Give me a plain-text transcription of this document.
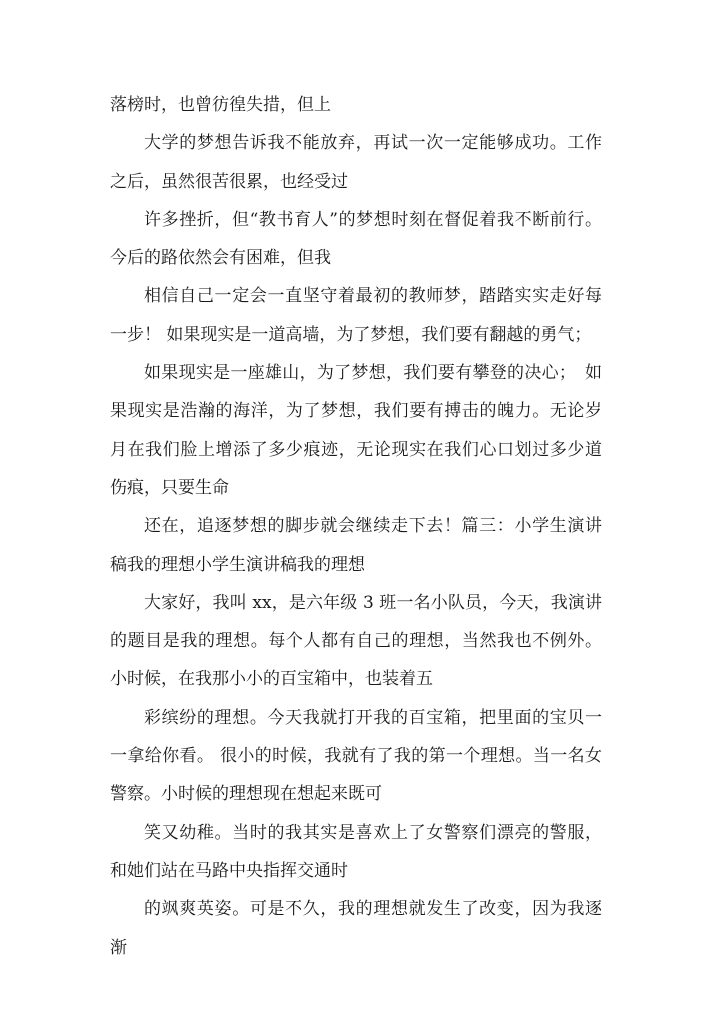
落榜时，也曾彷徨失措，但上

大学的梦想告诉我不能放弃，再试一次一定能够成功。工作之后，虽然很苦很累，也经受过

许多挫折，但“教书育人”的梦想时刻在督促着我不断前行。今后的路依然会有困难，但我

相信自己一定会一直坚守着最初的教师梦，踏踏实实走好每一步！ 如果现实是一道高墙，为了梦想，我们要有翻越的勇气；

如果现实是一座雄山，为了梦想，我们要有攀登的决心；　如果现实是浩瀚的海洋，为了梦想，我们要有搏击的魄力。无论岁月在我们脸上增添了多少痕迹，无论现实在我们心口划过多少道伤痕，只要生命

还在，追逐梦想的脚步就会继续走下去！篇三：小学生演讲稿我的理想小学生演讲稿我的理想

大家好，我叫 xx，是六年级 3 班一名小队员，今天，我演讲的题目是我的理想。每个人都有自己的理想，当然我也不例外。小时候，在我那小小的百宝箱中，也装着五

彩缤纷的理想。今天我就打开我的百宝箱，把里面的宝贝一一拿给你看。 很小的时候，我就有了我的第一个理想。当一名女警察。小时候的理想现在想起来既可

笑又幼稚。当时的我其实是喜欢上了女警察们漂亮的警服，和她们站在马路中央指挥交通时

的飒爽英姿。可是不久，我的理想就发生了改变，因为我逐渐
